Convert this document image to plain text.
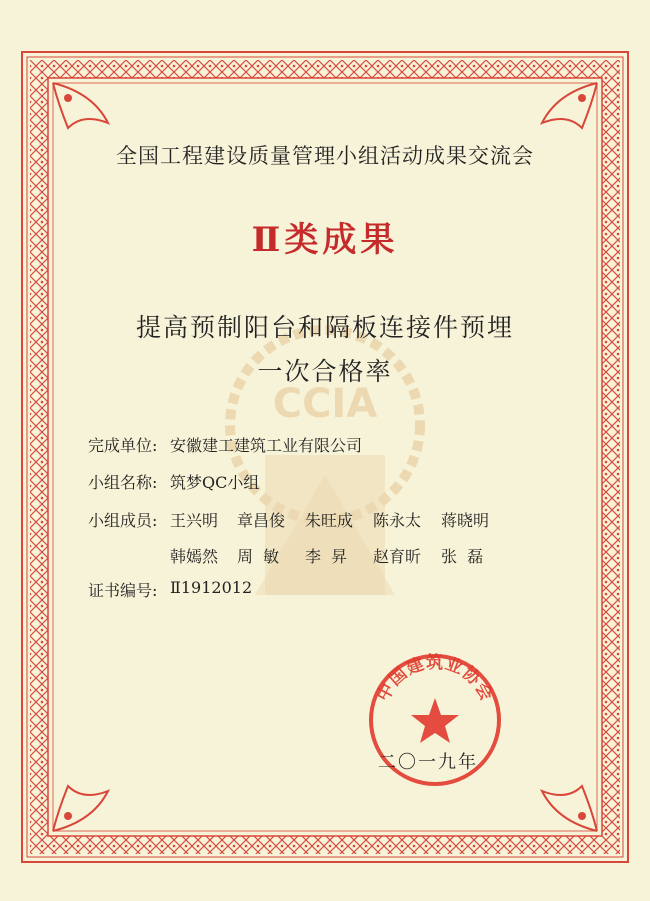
CCIA
全国工程建设质量管理小组活动成果交流会
Ⅱ类成果
提高预制阳台和隔板连接件预埋
一次合格率
完成单位: 安徽建工建筑工业有限公司
小组名称: 筑梦QC小组
小组成员: 王兴明 章昌俊 朱旺成 陈永太 蒋晓明
韩嫣然 周  敏 李  昇 赵育昕 张  磊
证书编号: Ⅱ1912012
中国建筑业协会
二〇一九年
